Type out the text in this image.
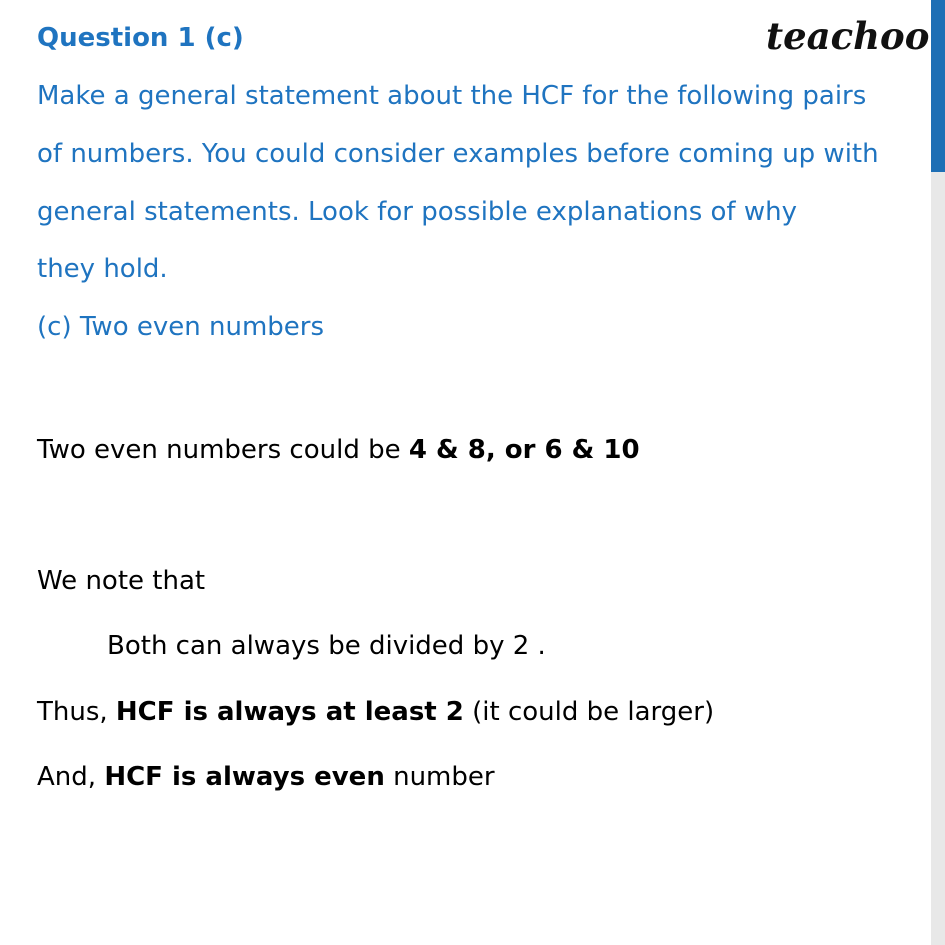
teachoo
Question 1 (c)
Make a general statement about the HCF for the following pairs
of numbers. You could consider examples before coming up with
general statements. Look for possible explanations of why
they hold.
(c) Two even numbers
Two even numbers could be 4 & 8, or 6 & 10
We note that
Both can always be divided by 2 .
Thus, HCF is always at least 2 (it could be larger)
And, HCF is always even number
